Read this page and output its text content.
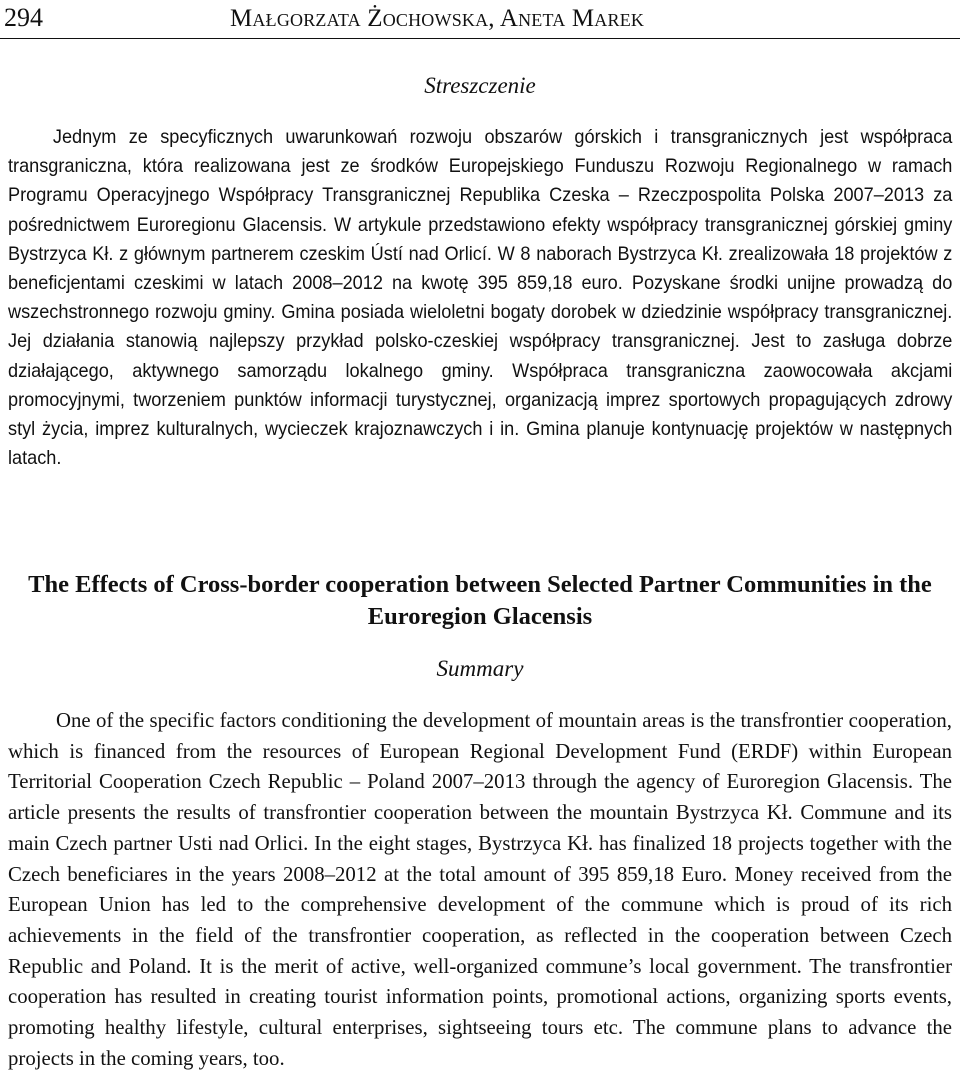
294	Małgorzata Żochowska, Aneta Marek
Streszczenie

Jednym ze specyficznych uwarunkowań rozwoju obszarów górskich i transgranicznych jest współpraca transgraniczna, która realizowana jest ze środków Europejskiego Funduszu Rozwoju Regionalnego w ramach Programu Operacyjnego Współpracy Transgranicznej Republika Czeska – Rzeczpospolita Polska 2007–2013 za pośrednictwem Euroregionu Glacensis. W artykule przedstawiono efekty współpracy transgranicznej górskiej gminy Bystrzyca Kł. z głównym partnerem czeskim Ústí nad Orlicí. W 8 naborach Bystrzyca Kł. zrealizowała 18 projektów z beneficjentami czeskimi w latach 2008–2012 na kwotę 395 859,18 euro. Pozyskane środki unijne prowadzą do wszechstronnego rozwoju gminy. Gmina posiada wieloletni bogaty dorobek w dziedzinie współpracy transgranicznej. Jej działania stanowią najlepszy przykład polsko-czeskiej współpracy transgranicznej. Jest to zasługa dobrze działającego, aktywnego samorządu lokalnego gminy. Współpraca transgraniczna zaowocowała akcjami promocyjnymi, tworzeniem punktów informacji turystycznej, organizacją imprez sportowych propagujących zdrowy styl życia, imprez kulturalnych, wycieczek krajoznawczych i in. Gmina planuje kontynuację projektów w następnych latach.

The Effects of Cross-border cooperation between Selected Partner Communities in the Euroregion Glacensis
Summary

One of the specific factors conditioning the development of mountain areas is the transfrontier cooperation, which is financed from the resources of European Regional Development Fund (ERDF) within European Territorial Cooperation Czech Republic – Poland 2007–2013 through the agency of Euroregion Glacensis. The article presents the results of transfrontier cooperation between the mountain Bystrzyca Kł. Commune and its main Czech partner Usti nad Orlici. In the eight stages, Bystrzyca Kł. has finalized 18 projects together with the Czech beneficiares in the years 2008–2012 at the total amount of 395 859,18 Euro. Money received from the European Union has led to the comprehensive development of the commune which is proud of its rich achievements in the field of the transfrontier cooperation, as reflected in the cooperation between Czech Republic and Poland. It is the merit of active, well-organized commune’s local government. The transfrontier cooperation has resulted in creating tourist information points, promotional actions, organizing sports events, promoting healthy lifestyle, cultural enterprises, sightseeing tours etc. The commune plans to advance the projects in the coming years, too.
